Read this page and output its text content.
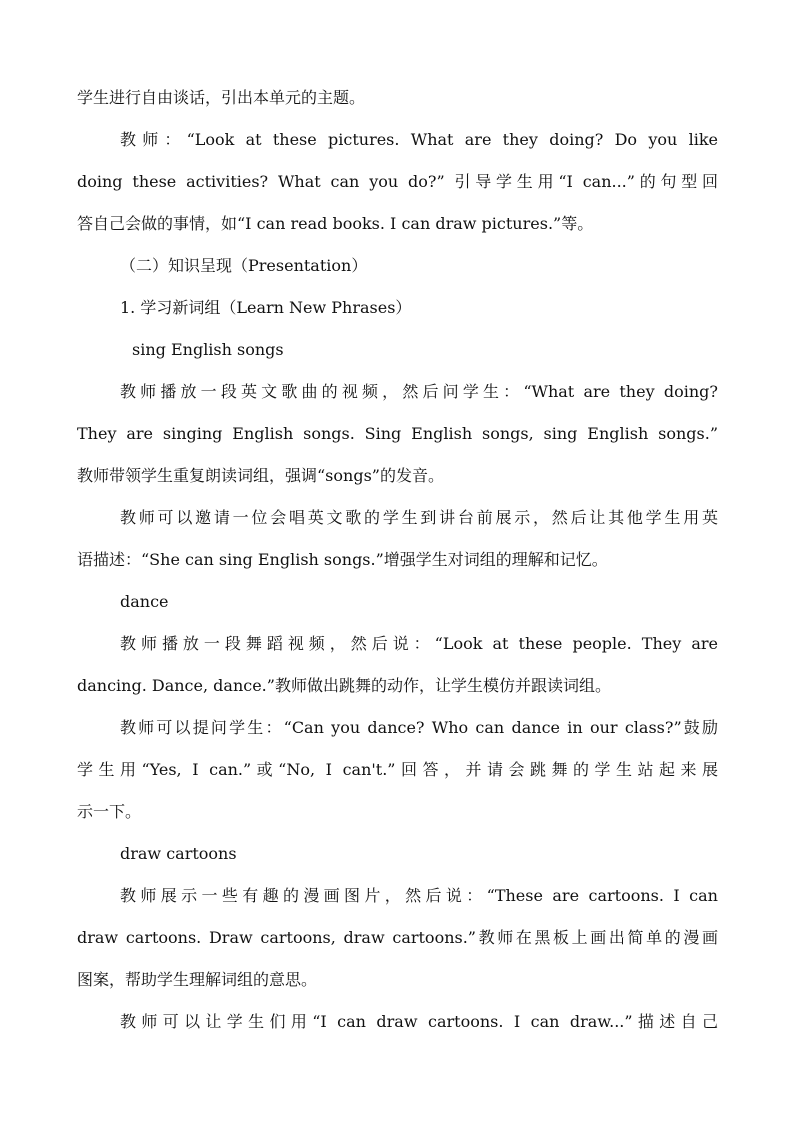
学生进行自由谈话，引出本单元的主题。
教师：“Look at these pictures. What are they doing? Do you like
doing these activities? What can you do?” 引导学生用“I can...”的句型回
答自己会做的事情，如“I can read books. I can draw pictures.”等。
（二）知识呈现（Presentation）
1. 学习新词组（Learn New Phrases）
sing English songs
教师播放一段英文歌曲的视频，然后问学生：“What are they doing?
They are singing English songs. Sing English songs, sing English songs.”
教师带领学生重复朗读词组，强调“songs”的发音。
教师可以邀请一位会唱英文歌的学生到讲台前展示，然后让其他学生用英
语描述：“She can sing English songs.”增强学生对词组的理解和记忆。
dance
教师播放一段舞蹈视频，然后说：“Look at these people. They are
dancing. Dance, dance.”教师做出跳舞的动作，让学生模仿并跟读词组。
教师可以提问学生：“Can you dance? Who can dance in our class?”鼓励
学生用“Yes, I can.”或“No, I can't.”回答，并请会跳舞的学生站起来展
示一下。
draw cartoons
教师展示一些有趣的漫画图片，然后说：“These are cartoons. I can
draw cartoons. Draw cartoons, draw cartoons.”教师在黑板上画出简单的漫画
图案，帮助学生理解词组的意思。
教师可以让学生们用“I can draw cartoons. I can draw...”描述自己
